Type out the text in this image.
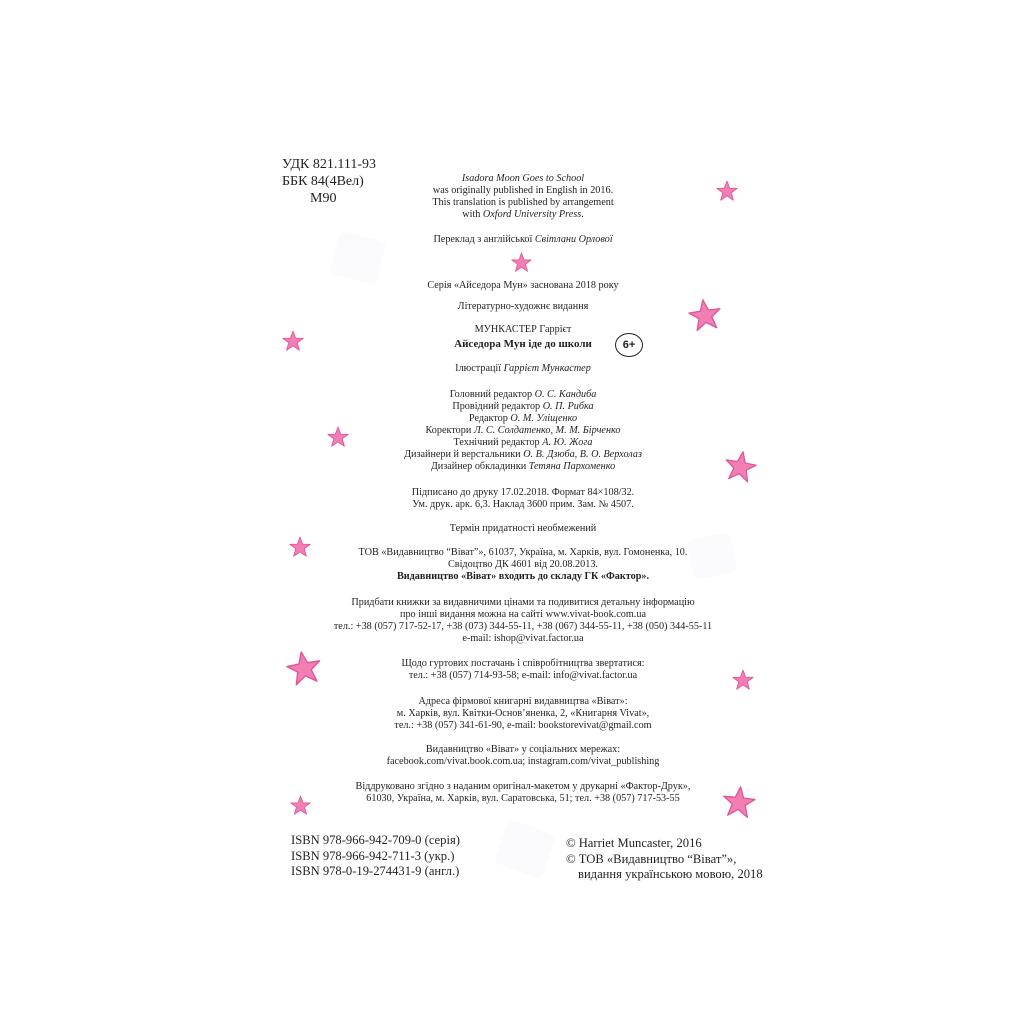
УДК 821.111-93
ББК 84(4Вел)
М90
Isadora Moon Goes to School
was originally published in English in 2016.
This translation is published by arrangement
with Oxford University Press.
Переклад з англійської Світлани Орлової
Серія «Айседора Мун» заснована 2018 року
Літературно-художнє видання
МУНКАСТЕР Гаррієт
Айседора Мун іде до школи	6+
Ілюстрації Гаррієт Мункастер
Головний редактор О. С. Кандиба
Провідний редактор О. П. Рибка
Редактор О. М. Уліщенко
Коректори Л. С. Солдатенко, М. М. Бірченко
Технічний редактор А. Ю. Жога
Дизайнери й верстальники О. В. Дзюба, В. О. Верхолаз
Дизайнер обкладинки Тетяна Пархоменко
Підписано до друку 17.02.2018. Формат 84×108/32.
Ум. друк. арк. 6,3. Наклад 3600 прим. Зам. № 4507.
Термін придатності необмежений
ТОВ «Видавництво “Віват”», 61037, Україна, м. Харків, вул. Гомоненка, 10.
Свідоцтво ДК 4601 від 20.08.2013.
Видавництво «Віват» входить до складу ГК «Фактор».
Придбати книжки за видавничими цінами та подивитися детальну інформацію
про інші видання можна на сайті www.vivat-book.com.ua
тел.: +38 (057) 717-52-17, +38 (073) 344-55-11, +38 (067) 344-55-11, +38 (050) 344-55-11
e-mail: ishop@vivat.factor.ua
Щодо гуртових постачань і співробітництва звертатися:
тел.: +38 (057) 714-93-58; e-mail: info@vivat.factor.ua
Адреса фірмової книгарні видавництва «Віват»:
м. Харків, вул. Квітки-Основ’яненка, 2, «Книгарня Vivat»,
тел.: +38 (057) 341-61-90, e-mail: bookstorevivat@gmail.com
Видавництво «Віват» у соціальних мережах:
facebook.com/vivat.book.com.ua; instagram.com/vivat_publishing
Віддруковано згідно з наданим оригінал-макетом у друкарні «Фактор-Друк»,
61030, Україна, м. Харків, вул. Саратовська, 51; тел. +38 (057) 717-53-55
ISBN 978-966-942-709-0 (серія)
ISBN 978-966-942-711-3 (укр.)
ISBN 978-0-19-274431-9 (англ.)
© Harriet Muncaster, 2016
© ТОВ «Видавництво “Віват”»,
видання українською мовою, 2018
